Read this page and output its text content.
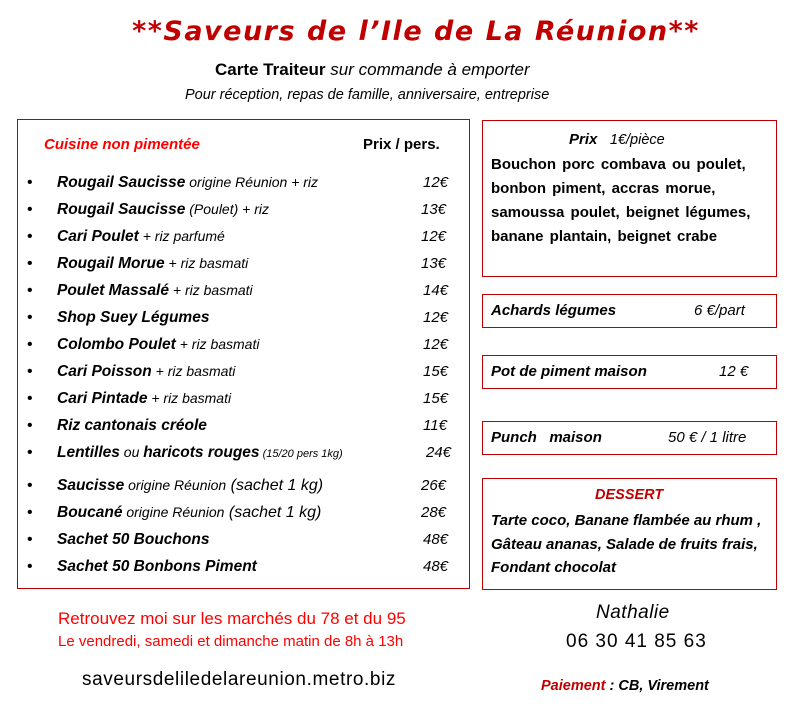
**Saveurs de l’Ile de La Réunion**
Carte Traiteur sur commande à emporter
Pour réception, repas de famille, anniversaire, entreprise
Cuisine non pimentée	Prix / pers.
• Rougail Saucisse origine Réunion + riz	12€
• Rougail Saucisse (Poulet) + riz	13€
• Cari Poulet + riz parfumé	12€
• Rougail Morue + riz basmati	13€
• Poulet Massalé + riz basmati	14€
• Shop Suey Légumes	12€
• Colombo Poulet + riz basmati	12€
• Cari Poisson + riz basmati	15€
• Cari Pintade + riz basmati	15€
• Riz cantonais créole	11€
• Lentilles ou haricots rouges (15/20 pers 1kg)	24€
• Saucisse origine Réunion (sachet 1 kg)	26€
• Boucané origine Réunion (sachet 1 kg)	28€
• Sachet 50 Bouchons	48€
• Sachet 50 Bonbons Piment	48€
Prix 1€/pièce
Bouchon porc combava ou poulet, bonbon piment, accras morue, samoussa poulet, beignet légumes, banane plantain, beignet crabe
Achards légumes	6 €/part
Pot de piment maison	12 €
Punch   maison	50 € / 1 litre
DESSERT
Tarte coco, Banane flambée au rhum ,   Gâteau ananas, Salade de fruits frais, Fondant chocolat
Retrouvez moi sur les marchés du 78 et du 95
Le vendredi, samedi et dimanche matin de 8h à 13h
saveursdeliledelareunion.metro.biz
Nathalie
06 30 41 85 63
Paiement : CB, Virement
